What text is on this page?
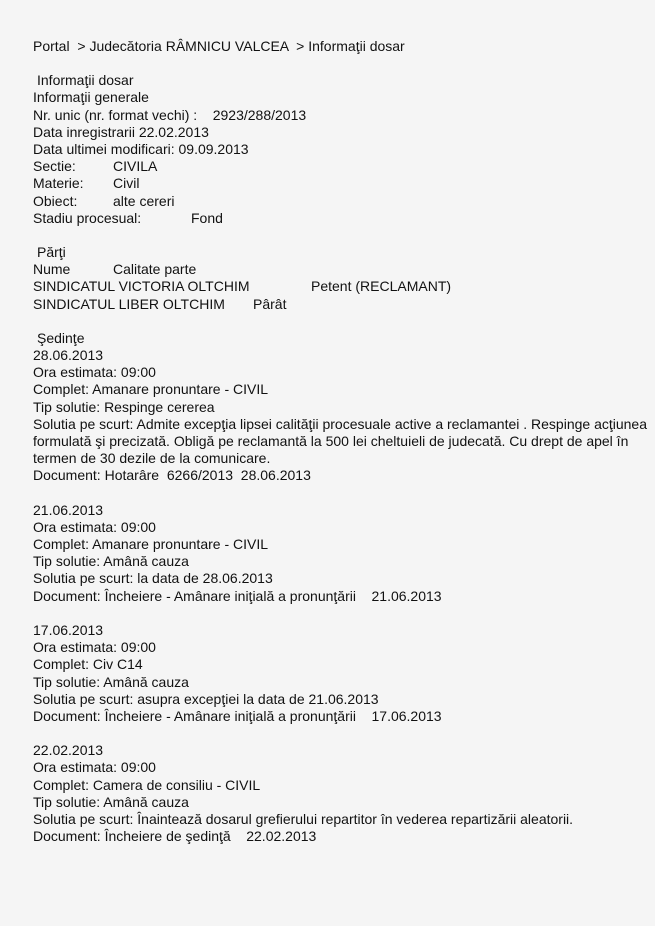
Portal > Judecătoria RÂMNICU VALCEA > Informaţii dosar
Informaţii dosar
Informaţii generale
Nr. unic (nr. format vechi) : 2923/288/2013
Data inregistrarii 22.02.2013
Data ultimei modificari: 09.09.2013
Sectie:	CIVILA
Materie: Civil
Obiect:	alte cereri
Stadiu procesual:	Fond
Părţi
Nume	Calitate parte
SINDICATUL VICTORIA OLTCHIM	Petent (RECLAMANT)
SINDICATUL LIBER OLTCHIM Pârât
Şedinţe
28.06.2013
Ora estimata: 09:00
Complet: Amanare pronuntare - CIVIL
Tip solutie: Respinge cererea
Solutia pe scurt: Admite excepţia lipsei calităţii procesuale active a reclamantei . Respinge acţiunea formulată şi precizată. Obligă pe reclamantă la 500 lei cheltuieli de judecată. Cu drept de apel în termen de 30 dezile de la comunicare.
Document: Hotarâre  6266/2013  28.06.2013
21.06.2013
Ora estimata: 09:00
Complet: Amanare pronuntare - CIVIL
Tip solutie: Amână cauza
Solutia pe scurt: la data de 28.06.2013
Document: Încheiere - Amânare iniţială a pronunţării    21.06.2013
17.06.2013
Ora estimata: 09:00
Complet: Civ C14
Tip solutie: Amână cauza
Solutia pe scurt: asupra excepţiei la data de 21.06.2013
Document: Încheiere - Amânare iniţială a pronunţării    17.06.2013
22.02.2013
Ora estimata: 09:00
Complet: Camera de consiliu - CIVIL
Tip solutie: Amână cauza
Solutia pe scurt: Înaintează dosarul grefierului repartitor în vederea repartizării aleatorii.
Document: Încheiere de şedinţă    22.02.2013
